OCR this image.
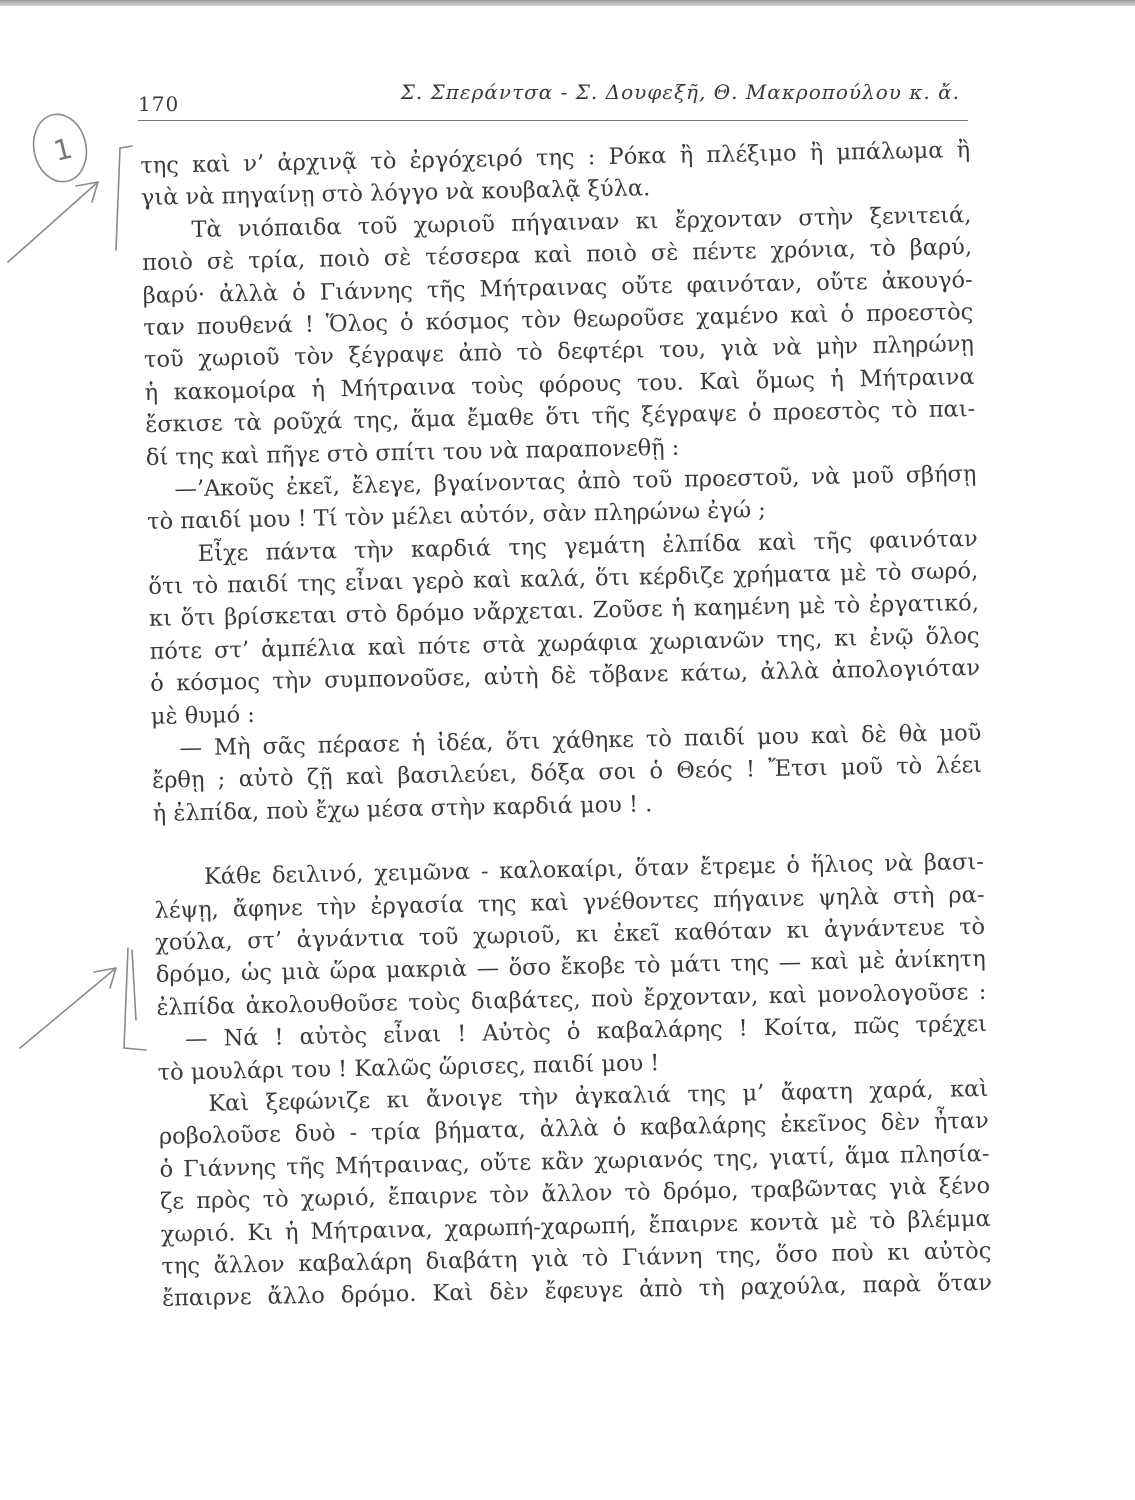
170	Σ. Σπεράντσα - Σ. Δουφεξῆ, Θ. Μακροπούλου κ. ἄ.
1	της καὶ ν’ ἀρχινᾷ τὸ ἐργόχειρό της : Ρόκα ἢ πλέξιμο ἢ μπάλωμα ἢ
γιὰ νὰ πηγαίνῃ στὸ λόγγο νὰ κουβαλᾷ ξύλα.
Τὰ νιόπαιδα τοῦ χωριοῦ πήγαιναν κι ἔρχονταν στὴν ξενιτειά,
ποιὸ σὲ τρία, ποιὸ σὲ τέσσερα καὶ ποιὸ σὲ πέντε χρόνια, τὸ βαρύ,
βαρύ· ἀλλὰ ὁ Γιάννης τῆς Μήτραινας οὔτε φαινόταν, οὔτε ἀκουγό-
ταν πουθενά ! Ὅλος ὁ κόσμος τὸν θεωροῦσε χαμένο καὶ ὁ προεστὸς
τοῦ χωριοῦ τὸν ξέγραψε ἀπὸ τὸ δεφτέρι του, γιὰ νὰ μὴν πληρώνῃ
ἡ κακομοίρα ἡ Μήτραινα τοὺς φόρους του. Καὶ ὅμως ἡ Μήτραινα
ἔσκισε τὰ ροῦχά της, ἅμα ἔμαθε ὅτι τῆς ξέγραψε ὁ προεστὸς τὸ παι-
δί της καὶ πῆγε στὸ σπίτι του νὰ παραπονεθῇ :
—’Ακοῦς ἐκεῖ, ἔλεγε, βγαίνοντας ἀπὸ τοῦ προεστοῦ, νὰ μοῦ σβήσῃ
τὸ παιδί μου ! Τί τὸν μέλει αὐτόν, σὰν πληρώνω ἐγώ ;
Εἶχε πάντα τὴν καρδιά της γεμάτη ἐλπίδα καὶ τῆς φαινόταν
ὅτι τὸ παιδί της εἶναι γερὸ καὶ καλά, ὅτι κέρδιζε χρήματα μὲ τὸ σωρό,
κι ὅτι βρίσκεται στὸ δρόμο νἄρχεται. Ζοῦσε ἡ καημένη μὲ τὸ ἐργατικό,
πότε στ’ ἀμπέλια καὶ πότε στὰ χωράφια χωριανῶν της, κι ἐνῷ ὅλος
ὁ κόσμος τὴν συμπονοῦσε, αὐτὴ δὲ τὄβανε κάτω, ἀλλὰ ἀπολογιόταν
μὲ θυμό :
— Μὴ σᾶς πέρασε ἡ ἰδέα, ὅτι χάθηκε τὸ παιδί μου καὶ δὲ θὰ μοῦ
ἔρθῃ ; αὐτὸ ζῇ καὶ βασιλεύει, δόξα σοι ὁ Θεός ! Ἔτσι μοῦ τὸ λέει
ἡ ἐλπίδα, ποὺ ἔχω μέσα στὴν καρδιά μου ! .
Κάθε δειλινό, χειμῶνα - καλοκαίρι, ὅταν ἔτρεμε ὁ ἥλιος νὰ βασι-
λέψῃ, ἄφηνε τὴν ἐργασία της καὶ γνέθοντες πήγαινε ψηλὰ στὴ ρα-
χούλα, στ’ ἀγνάντια τοῦ χωριοῦ, κι ἐκεῖ καθόταν κι ἀγνάντευε τὸ
δρόμο, ὡς μιὰ ὥρα μακριὰ — ὅσο ἔκοβε τὸ μάτι της — καὶ μὲ ἀνίκητη
ἐλπίδα ἀκολουθοῦσε τοὺς διαβάτες, ποὺ ἔρχονταν, καὶ μονολογοῦσε :
— Νά ! αὐτὸς εἶναι ! Αὐτὸς ὁ καβαλάρης ! Κοίτα, πῶς τρέχει
τὸ μουλάρι του ! Καλῶς ὥρισες, παιδί μου !
Καὶ ξεφώνιζε κι ἄνοιγε τὴν ἀγκαλιά της μ’ ἄφατη χαρά, καὶ
ροβολοῦσε δυὸ - τρία βήματα, ἀλλὰ ὁ καβαλάρης ἐκεῖνος δὲν ἦταν
ὁ Γιάννης τῆς Μήτραινας, οὔτε κἂν χωριανός της, γιατί, ἅμα πλησία-
ζε πρὸς τὸ χωριό, ἔπαιρνε τὸν ἄλλον τὸ δρόμο, τραβῶντας γιὰ ξένο
χωριό. Κι ἡ Μήτραινα, χαρωπή-χαρωπή, ἔπαιρνε κοντὰ μὲ τὸ βλέμμα
της ἄλλον καβαλάρη διαβάτη γιὰ τὸ Γιάννη της, ὅσο ποὺ κι αὐτὸς
ἔπαιρνε ἄλλο δρόμο. Καὶ δὲν ἔφευγε ἀπὸ τὴ ραχούλα, παρὰ ὅταν
